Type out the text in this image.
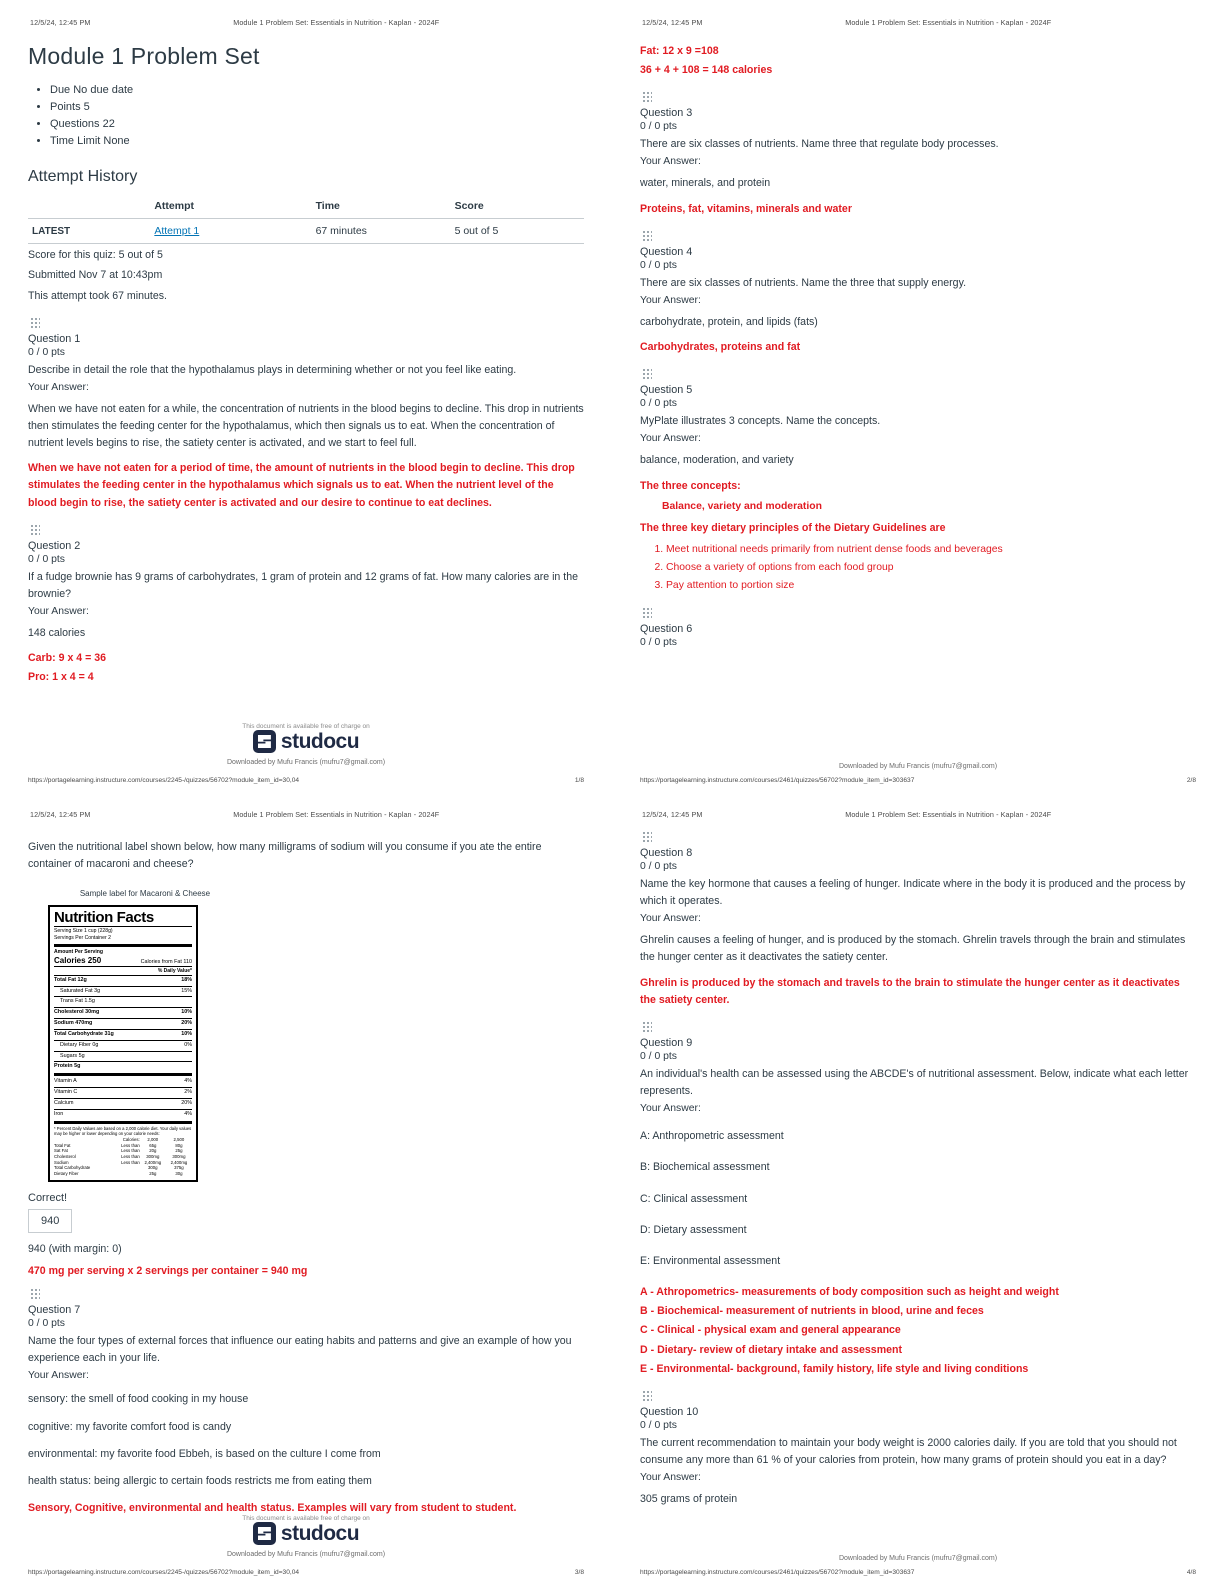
12/5/24, 12:45 PM	Module 1 Problem Set: Essentials in Nutrition - Kaplan - 2024F
Module 1 Problem Set
• Due No due date
• Points 5
• Questions 22
• Time Limit None
Attempt History
	Attempt	Time	Score
LATEST	Attempt 1	67 minutes	5 out of 5

Score for this quiz: 5 out of 5

Submitted Nov 7 at 10:43pm

This attempt took 67 minutes.

Question 1
0 / 0 pts

Describe in detail the role that the hypothalamus plays in determining whether or not you feel like eating.

Your Answer:

When we have not eaten for a while, the concentration of nutrients in the blood begins to decline. This drop in nutrients then stimulates the feeding center for the hypothalamus, which then signals us to eat. When the concentration of nutrient levels begins to rise, the satiety center is activated, and we start to feel full.

When we have not eaten for a period of time, the amount of nutrients in the blood begin to decline. This drop stimulates the feeding center in the hypothalamus which signals us to eat. When the nutrient level of the blood begin to rise, the satiety center is activated and our desire to continue to eat declines.

Question 2
0 / 0 pts

If a fudge brownie has 9 grams of carbohydrates, 1 gram of protein and 12 grams of fat. How many calories are in the brownie?

Your Answer:

148 calories

Carb: 9 x 4 = 36

Pro: 1 x 4 = 4

This document is available free of charge on
studocu
Downloaded by Mufu Francis (mufru7@gmail.com)
https://portagelearning.instructure.com/courses/2245-/quizzes/56702?module_item_id=30,04	1/8
12/5/24, 12:45 PM	Module 1 Problem Set: Essentials in Nutrition - Kaplan - 2024F

Fat: 12 x 9 =108

36 + 4 + 108 = 148 calories

Question 3
0 / 0 pts

There are six classes of nutrients. Name three that regulate body processes.

Your Answer:

water, minerals, and protein

Proteins, fat, vitamins, minerals and water

Question 4
0 / 0 pts

There are six classes of nutrients. Name the three that supply energy.

Your Answer:

carbohydrate, protein, and lipids (fats)

Carbohydrates, proteins and fat

Question 5
0 / 0 pts

MyPlate illustrates 3 concepts. Name the concepts.

Your Answer:

balance, moderation, and variety

The three concepts:

Balance, variety and moderation

The three key dietary principles of the Dietary Guidelines are

1. Meet nutritional needs primarily from nutrient dense foods and beverages
2. Choose a variety of options from each food group
3. Pay attention to portion size
Question 6
0 / 0 pts
Downloaded by Mufu Francis (mufru7@gmail.com)
https://portagelearning.instructure.com/courses/2461/quizzes/56702?module_item_id=303637	2/8
12/5/24, 12:45 PM	Module 1 Problem Set: Essentials in Nutrition - Kaplan - 2024F

Given the nutritional label shown below, how many milligrams of sodium will you consume if you ate the entire container of macaroni and cheese?

Sample label for Macaroni & Cheese
Nutrition Facts
Serving Size 1 cup (228g)
Servings Per Container 2
Amount Per Serving
Calories 250	Calories from Fat 110
% Daily Value*
Total Fat 12g	18%
Saturated Fat 3g	15%
Trans Fat 1.5g
Cholesterol 30mg	10%
Sodium 470mg	20%
Total Carbohydrate 31g	10%
Dietary Fiber 0g	0%
Sugars 5g
Protein 5g
Vitamin A	4%
Vitamin C	2%
Calcium	20%
Iron	4%
* Percent Daily Values are based on a 2,000 calorie diet. Your daily values may be higher or lower depending on your calorie needs:
	Calories:	2,000	2,500
Total Fat	Less than	65g	80g
Sat Fat	Less than	20g	25g
Cholesterol	Less than	300mg	300mg
Sodium	Less than	2,400mg	2,400mg
Total Carbohydrate		300g	375g
Dietary Fiber		25g	30g
Correct!
940
940 (with margin: 0)

470 mg per serving x 2 servings per container = 940 mg

Question 7
0 / 0 pts

Name the four types of external forces that influence our eating habits and patterns and give an example of how you experience each in your life.

Your Answer:

sensory: the smell of food cooking in my house

cognitive: my favorite comfort food is candy

environmental: my favorite food Ebbeh, is based on the culture I come from

health status: being allergic to certain foods restricts me from eating them

Sensory, Cognitive, environmental and health status. Examples will vary from student to student.

This document is available free of charge on
studocu
Downloaded by Mufu Francis (mufru7@gmail.com)
https://portagelearning.instructure.com/courses/2245-/quizzes/56702?module_item_id=30,04	3/8
12/5/24, 12:45 PM	Module 1 Problem Set: Essentials in Nutrition - Kaplan - 2024F
Question 8
0 / 0 pts

Name the key hormone that causes a feeling of hunger. Indicate where in the body it is produced and the process by which it operates.

Your Answer:

Ghrelin causes a feeling of hunger, and is produced by the stomach. Ghrelin travels through the brain and stimulates the hunger center as it deactivates the satiety center.

Ghrelin is produced by the stomach and travels to the brain to stimulate the hunger center as it deactivates the satiety center.

Question 9
0 / 0 pts

An individual's health can be assessed using the ABCDE's of nutritional assessment. Below, indicate what each letter represents.

Your Answer:

A: Anthropometric assessment

B: Biochemical assessment

C: Clinical assessment

D: Dietary assessment

E: Environmental assessment

A - Athropometrics- measurements of body composition such as height and weight

B - Biochemical- measurement of nutrients in blood, urine and feces

C - Clinical - physical exam and general appearance

D - Dietary- review of dietary intake and assessment

E - Environmental- background, family history, life style and living conditions

Question 10
0 / 0 pts

The current recommendation to maintain your body weight is 2000 calories daily. If you are told that you should not consume any more than 61 % of your calories from protein, how many grams of protein should you eat in a day?

Your Answer:

305 grams of protein

Downloaded by Mufu Francis (mufru7@gmail.com)
https://portagelearning.instructure.com/courses/2461/quizzes/56702?module_item_id=303637	4/8
